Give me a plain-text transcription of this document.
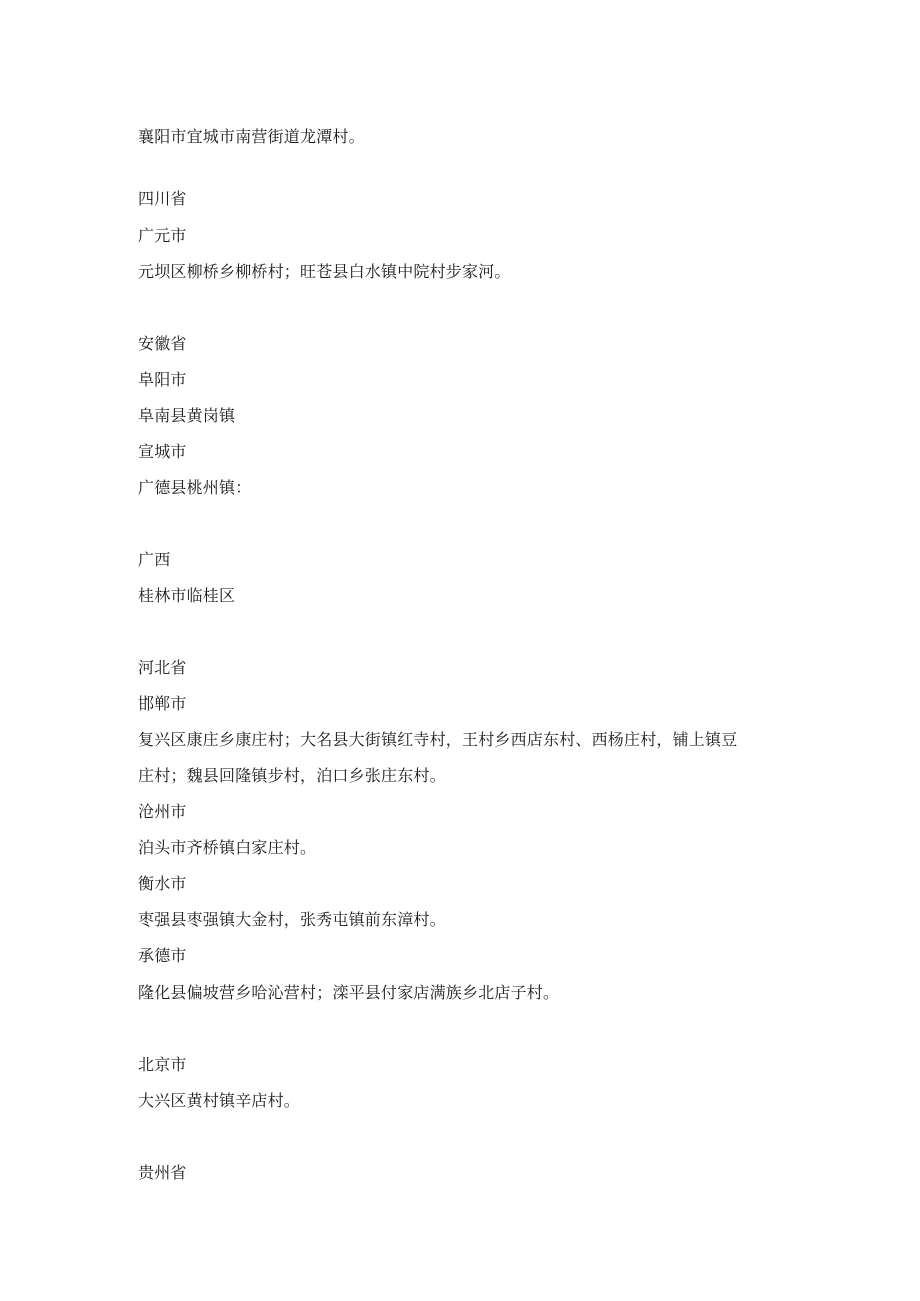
襄阳市宜城市南营街道龙潭村。
四川省
广元市
元坝区柳桥乡柳桥村；旺苍县白水镇中院村步家河。
安徽省
阜阳市
阜南县黄岗镇
宣城市
广德县桃州镇：
广西
桂林市临桂区
河北省
邯郸市
复兴区康庄乡康庄村；大名县大街镇红寺村，王村乡西店东村、西杨庄村，铺上镇豆
庄村；魏县回隆镇步村，泊口乡张庄东村。
沧州市
泊头市齐桥镇白家庄村。
衡水市
枣强县枣强镇大金村，张秀屯镇前东漳村。
承德市
隆化县偏坡营乡哈沁营村；滦平县付家店满族乡北店子村。
北京市
大兴区黄村镇辛店村。
贵州省
